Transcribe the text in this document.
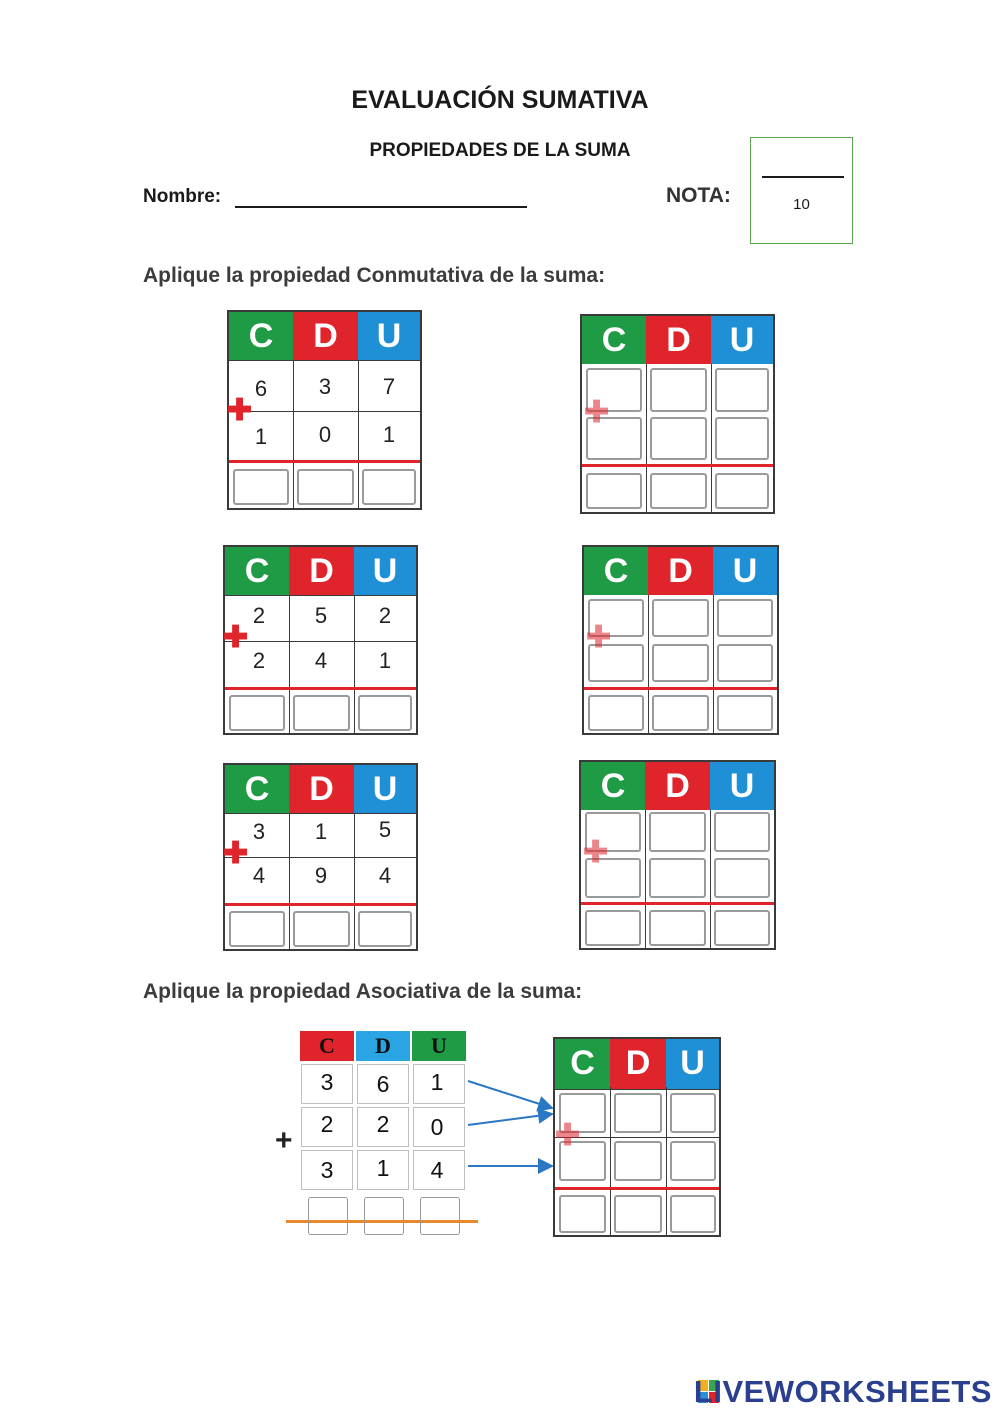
EVALUACIÓN SUMATIVA
PROPIEDADES DE LA SUMA
Nombre:	NOTA:	10
Aplique la propiedad Conmutativa de la suma:
C	D	U
6	3	7
1	0	1
✚
C	D	U
✚
C	D	U
2	5	2
2	4	1
✚
C	D	U
✚
C	D	U
3	1	5
4	9	4
✚
C	D	U
✚
Aplique la propiedad Asociativa de la suma:
C	D	U
3	6	1
2	2	0
3	1	4
+
C D U
✚
LIVEWORKSHEETS
